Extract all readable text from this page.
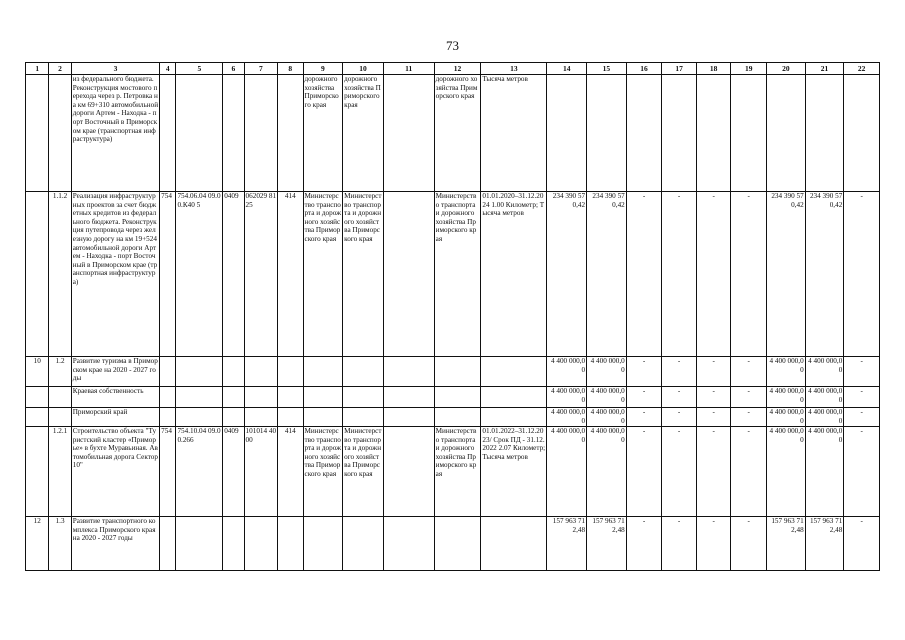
73
1	2	3	4	5	6	7	8	9	10	11	12	13	14	15	16	17	18	19	20	21	22
		из федерального бюджета. Реконструкция мостового перехода через р. Петровка на км 69+310 автомобильной дороги Артем - Находка - порт Восточный в Приморском крае (транспортная инфраструктура)						дорожного хозяйства Приморского края	дорожного хозяйства Приморского края		дорожного хозяйства Приморского края	Тысяча метров									
	1.1.2	Реализация инфраструктурных проектов за счет бюджетных кредитов из федерального бюджета. Реконструкция путепровода через железную дорогу на км 19+524 автомобильной дороги Артем - Находка - порт Восточный в Приморском крае (транспортная инфраструктура)	754	754.06.04 09.00.К40 5	0409	062029 8125	414	Министерство транспорта и дорожного хозяйства Приморского края	Министерство транспорта и дорожного хозяйства Приморского края		Министерство транспорта и дорожного хозяйства Приморского края	01.01.2020–31.12.2024 1.00 Километр; Тысяча метров	234 390 570,42	234 390 570,42	-	-	-	-	234 390 570,42	234 390 570,42	-
10	1.2	Развитие туризма в Приморском крае на 2020 - 2027 годы											4 400 000,00	4 400 000,00	-	-	-	-	4 400 000,00	4 400 000,00	-
		Краевая собственность											4 400 000,00	4 400 000,00	-	-	-	-	4 400 000,00	4 400 000,00	-
		Приморский край											4 400 000,00	4 400 000,00	-	-	-	-	4 400 000,00	4 400 000,00	-
	1.2.1	Строительство объекта "Туристский кластер «Приморье» в бухте Муравьиная. Автомобильная дорога Сектор 10"	754	754.10.04 09.00.266	0409	101014 4000	414	Министерство транспорта и дорожного хозяйства Приморского края	Министерство транспорта и дорожного хозяйства Приморского края		Министерство транспорта и дорожного хозяйства Приморского края	01.01.2022–31.12.2023/ Срок ПД - 31.12.2022 2.07 Километр; Тысяча метров	4 400 000,00	4 400 000,00	-	-	-	-	4 400 000,00	4 400 000,00	-
12	1.3	Развитие транспортного комплекса Приморского края на 2020 - 2027 годы											157 963 712,48	157 963 712,48	-	-	-	-	157 963 712,48	157 963 712,48	-
